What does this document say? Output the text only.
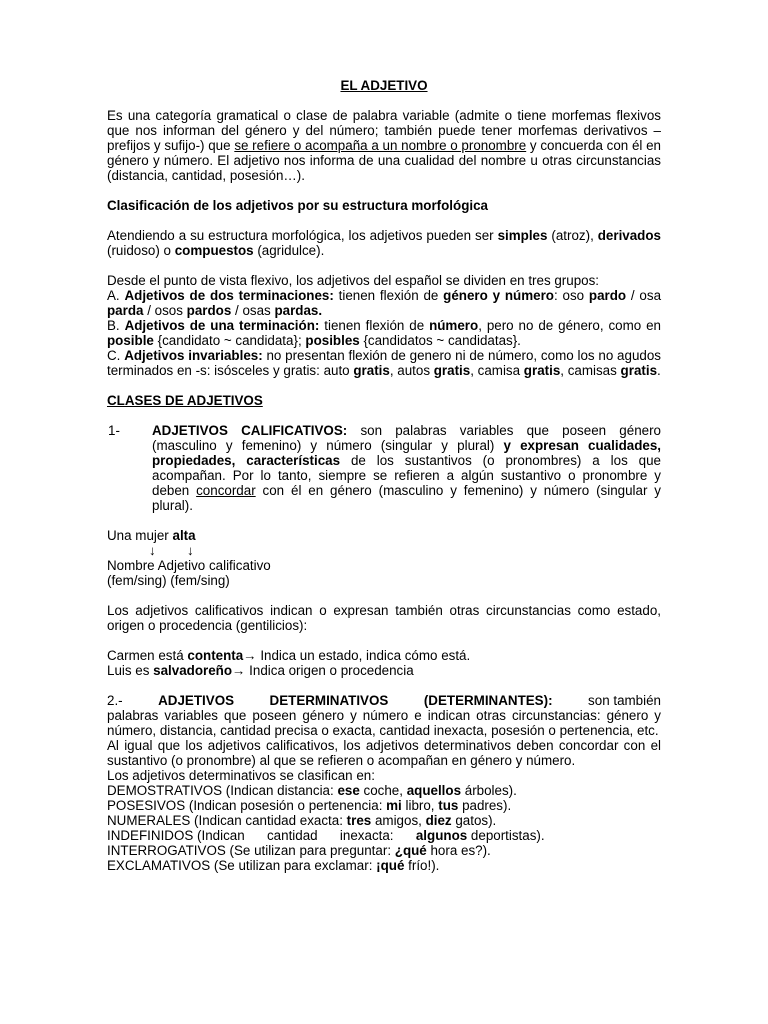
EL ADJETIVO

Es una categoría gramatical o clase de palabra variable (admite o tiene morfemas flexivos que nos informan del género y del número; también puede tener morfemas derivativos –prefijos y sufijo-) que se refiere o acompaña a un nombre o pronombre y concuerda con él en género y número. El adjetivo nos informa de una cualidad del nombre u otras circunstancias (distancia, cantidad, posesión…).

Clasificación de los adjetivos por su estructura morfológica

Atendiendo a su estructura morfológica, los adjetivos pueden ser simples (atroz), derivados (ruidoso) o compuestos (agridulce).

Desde el punto de vista flexivo, los adjetivos del español se dividen en tres grupos:

A. Adjetivos de dos terminaciones: tienen flexión de género y número: oso pardo / osa parda / osos pardos / osas pardas.

B. Adjetivos de una terminación: tienen flexión de número, pero no de género, como en posible {candidato ~ candidata}; posibles {candidatos ~ candidatas}.

C. Adjetivos invariables: no presentan flexión de genero ni de número, como los no agudos terminados en -s: isósceles y gratis: auto gratis, autos gratis, camisa gratis, camisas gratis.

CLASES DE ADJETIVOS

1- ADJETIVOS CALIFICATIVOS: son palabras variables que poseen género (masculino y femenino) y número (singular y plural) y expresan cualidades, propiedades, características de los sustantivos (o pronombres) a los que acompañan. Por lo tanto, siempre se refieren a algún sustantivo o pronombre y deben concordar con él en género (masculino y femenino) y número (singular y plural).

Una mujer alta

↓ ↓

Nombre Adjetivo calificativo

(fem/sing) (fem/sing)

Los adjetivos calificativos indican o expresan también otras circunstancias como estado, origen o procedencia (gentilicios):

Carmen está contenta→ Indica un estado, indica cómo está.

Luis es salvadoreño→ Indica origen o procedencia

2.-	ADJETIVOS	DETERMINATIVOS	(DETERMINANTES):	son también

palabras variables que poseen género y número e indican otras circunstancias: género y número, distancia, cantidad precisa o exacta, cantidad inexacta, posesión o pertenencia, etc.

Al igual que los adjetivos calificativos, los adjetivos determinativos deben concordar con el sustantivo (o pronombre) al que se refieren o acompañan en género y número.

Los adjetivos determinativos se clasifican en:

DEMOSTRATIVOS (Indican distancia: ese coche, aquellos árboles).

POSESIVOS (Indican posesión o pertenencia: mi libro, tus padres).

NUMERALES (Indican cantidad exacta: tres amigos, diez gatos).

INDEFINIDOS (Indican      cantidad      inexacta:      algunos deportistas).

INTERROGATIVOS (Se utilizan para preguntar: ¿qué hora es?).

EXCLAMATIVOS (Se utilizan para exclamar: ¡qué frío!).
